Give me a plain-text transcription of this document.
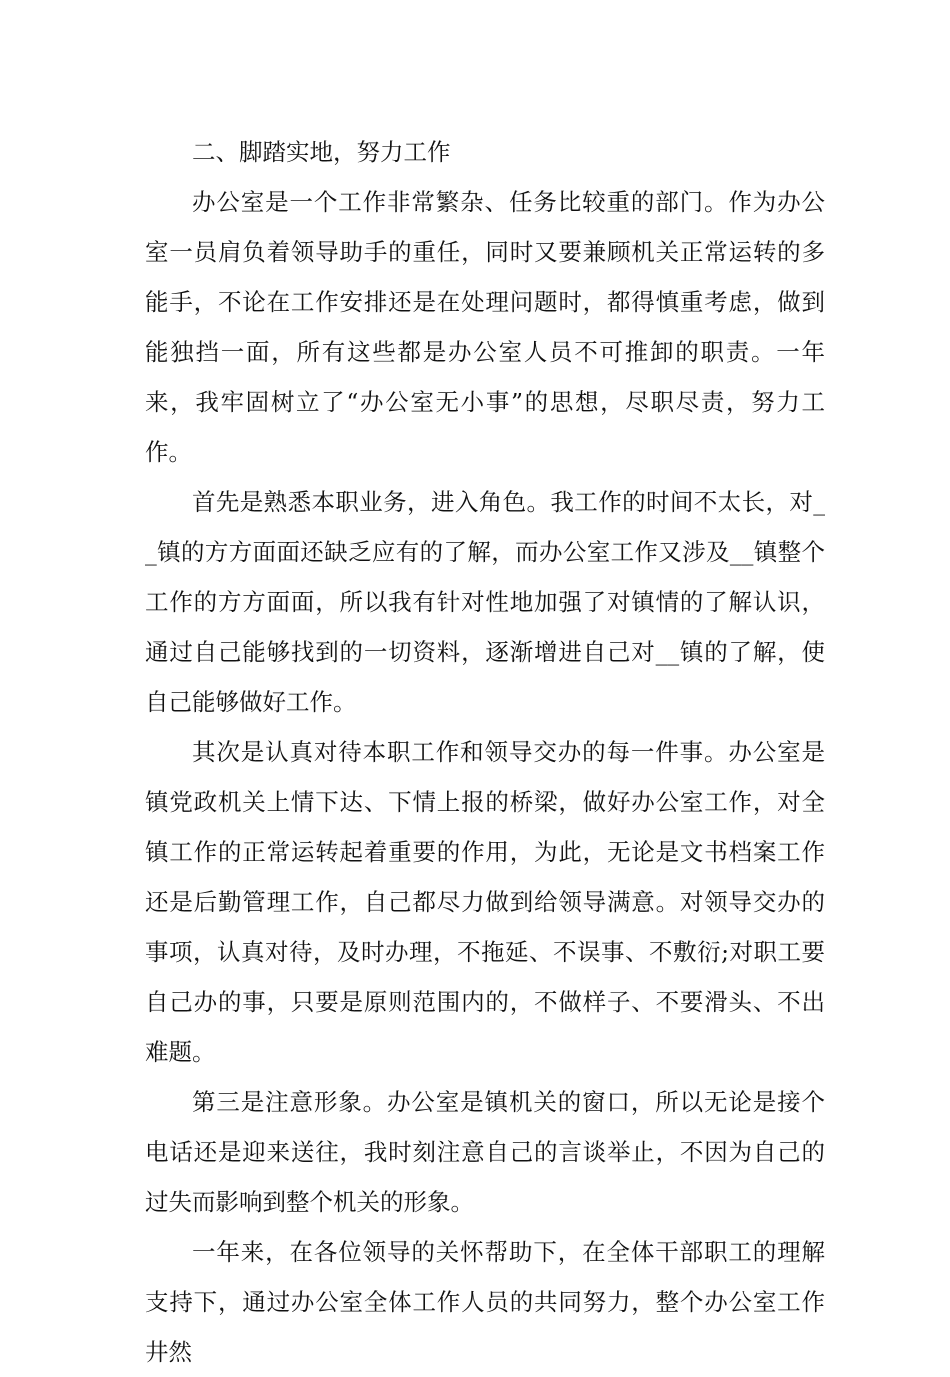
二、脚踏实地，努力工作

办公室是一个工作非常繁杂、任务比较重的部门。作为办公室一员肩负着领导助手的重任，同时又要兼顾机关正常运转的多能手，不论在工作安排还是在处理问题时，都得慎重考虑，做到能独挡一面，所有这些都是办公室人员不可推卸的职责。一年来，我牢固树立了“办公室无小事”的思想，尽职尽责，努力工作。

首先是熟悉本职业务，进入角色。我工作的时间不太长，对__镇的方方面面还缺乏应有的了解，而办公室工作又涉及__镇整个工作的方方面面，所以我有针对性地加强了对镇情的了解认识，通过自己能够找到的一切资料，逐渐增进自己对__镇的了解，使自己能够做好工作。

其次是认真对待本职工作和领导交办的每一件事。办公室是镇党政机关上情下达、下情上报的桥梁，做好办公室工作，对全镇工作的正常运转起着重要的作用，为此，无论是文书档案工作还是后勤管理工作，自己都尽力做到给领导满意。对领导交办的事项，认真对待，及时办理，不拖延、不误事、不敷衍;对职工要自己办的事，只要是原则范围内的，不做样子、不要滑头、不出难题。

第三是注意形象。办公室是镇机关的窗口，所以无论是接个电话还是迎来送往，我时刻注意自己的言谈举止，不因为自己的过失而影响到整个机关的形象。

一年来，在各位领导的关怀帮助下，在全体干部职工的理解支持下，通过办公室全体工作人员的共同努力，整个办公室工作井然
